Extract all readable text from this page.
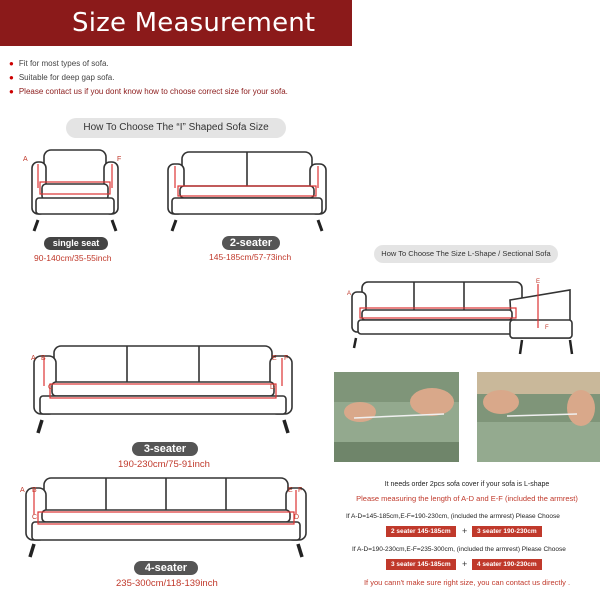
Size Measurement
● Fit for most types of sofa.
● Suitable for deep gap sofa.
● Please contact us if you dont know how to choose correct size for your sofa.
How To Choose The “I” Shaped Sofa Size
A	F
single seat
90-140cm/35-55inch
2-seater
145-185cm/57-73inch	How To Choose The Size L-Shape / Sectional Sofa
A
E
F
It needs order 2pcs sofa cover if your sofa is L-shape
Please measuring the length of A-D and E-F (included the armrest)
If A-D=145-185cm,E-F=190-230cm, (included the armrest) Please Choose
2 seater 145-185cm	+	3 seater 190-230cm
If A-D=190-230cm,E-F=235-300cm, (included the armrest) Please Choose
3 seater 145-185cm	+	4 seater 190-230cm
If you cann't make sure right size, you can contact us directly .
A B	E F
C	D
3-seater
190-230cm/75-91inch
A B	E F
C	D
4-seater
235-300cm/118-139inch
